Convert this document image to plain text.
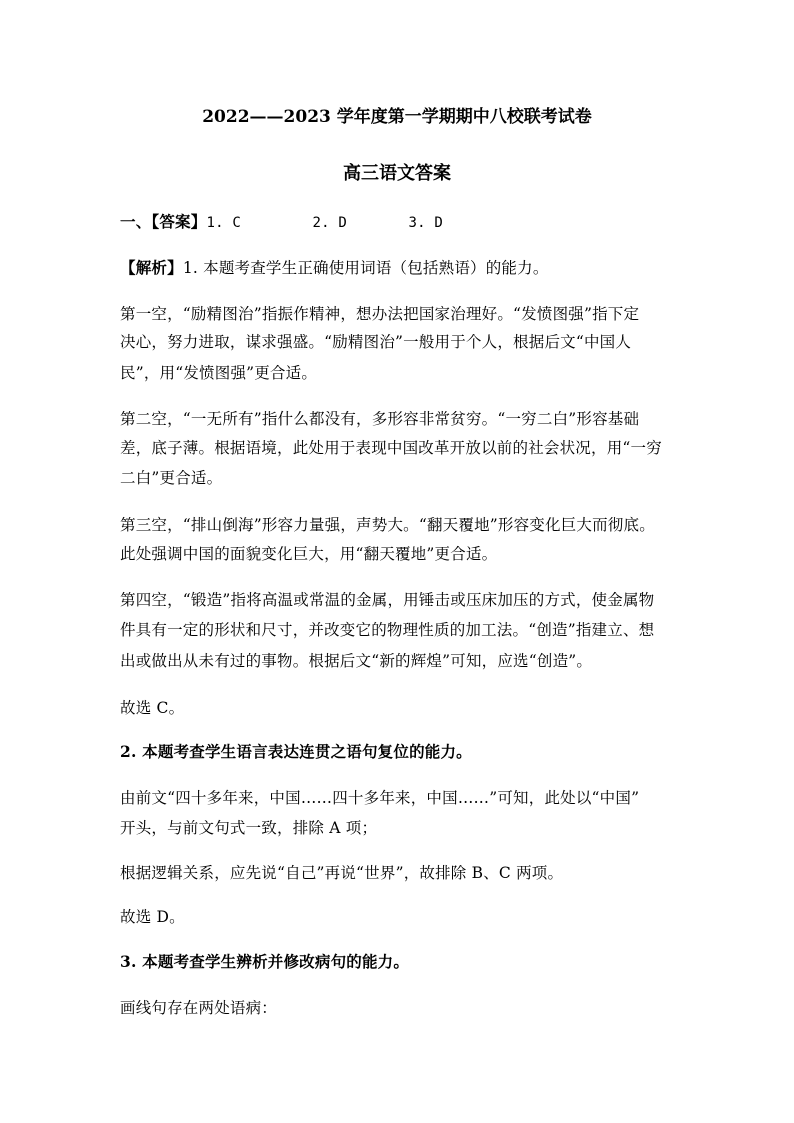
2022——2023 学年度第一学期期中八校联考试卷
高三语文答案
一、【答案】1. C	2. D	3. D
【解析】1. 本题考查学生正确使用词语（包括熟语）的能力。
第一空，“励精图治”指振作精神，想办法把国家治理好。“发愤图强”指下定
决心，努力进取，谋求强盛。“励精图治”一般用于个人，根据后文“中国人
民”，用“发愤图强”更合适。
第二空，“一无所有”指什么都没有，多形容非常贫穷。“一穷二白”形容基础
差，底子薄。根据语境，此处用于表现中国改革开放以前的社会状况，用“一穷
二白”更合适。
第三空，“排山倒海”形容力量强，声势大。“翻天覆地”形容变化巨大而彻底。
此处强调中国的面貌变化巨大，用“翻天覆地”更合适。
第四空，“锻造”指将高温或常温的金属，用锤击或压床加压的方式，使金属物
件具有一定的形状和尺寸，并改变它的物理性质的加工法。“创造”指建立、想
出或做出从未有过的事物。根据后文“新的辉煌”可知，应选“创造”。
故选 C。
2. 本题考查学生语言表达连贯之语句复位的能力。
由前文“四十多年来，中国……四十多年来，中国……”可知，此处以“中国”
开头，与前文句式一致，排除 A 项；
根据逻辑关系，应先说“自己”再说“世界”，故排除 B、C 两项。
故选 D。
3. 本题考查学生辨析并修改病句的能力。
画线句存在两处语病：
